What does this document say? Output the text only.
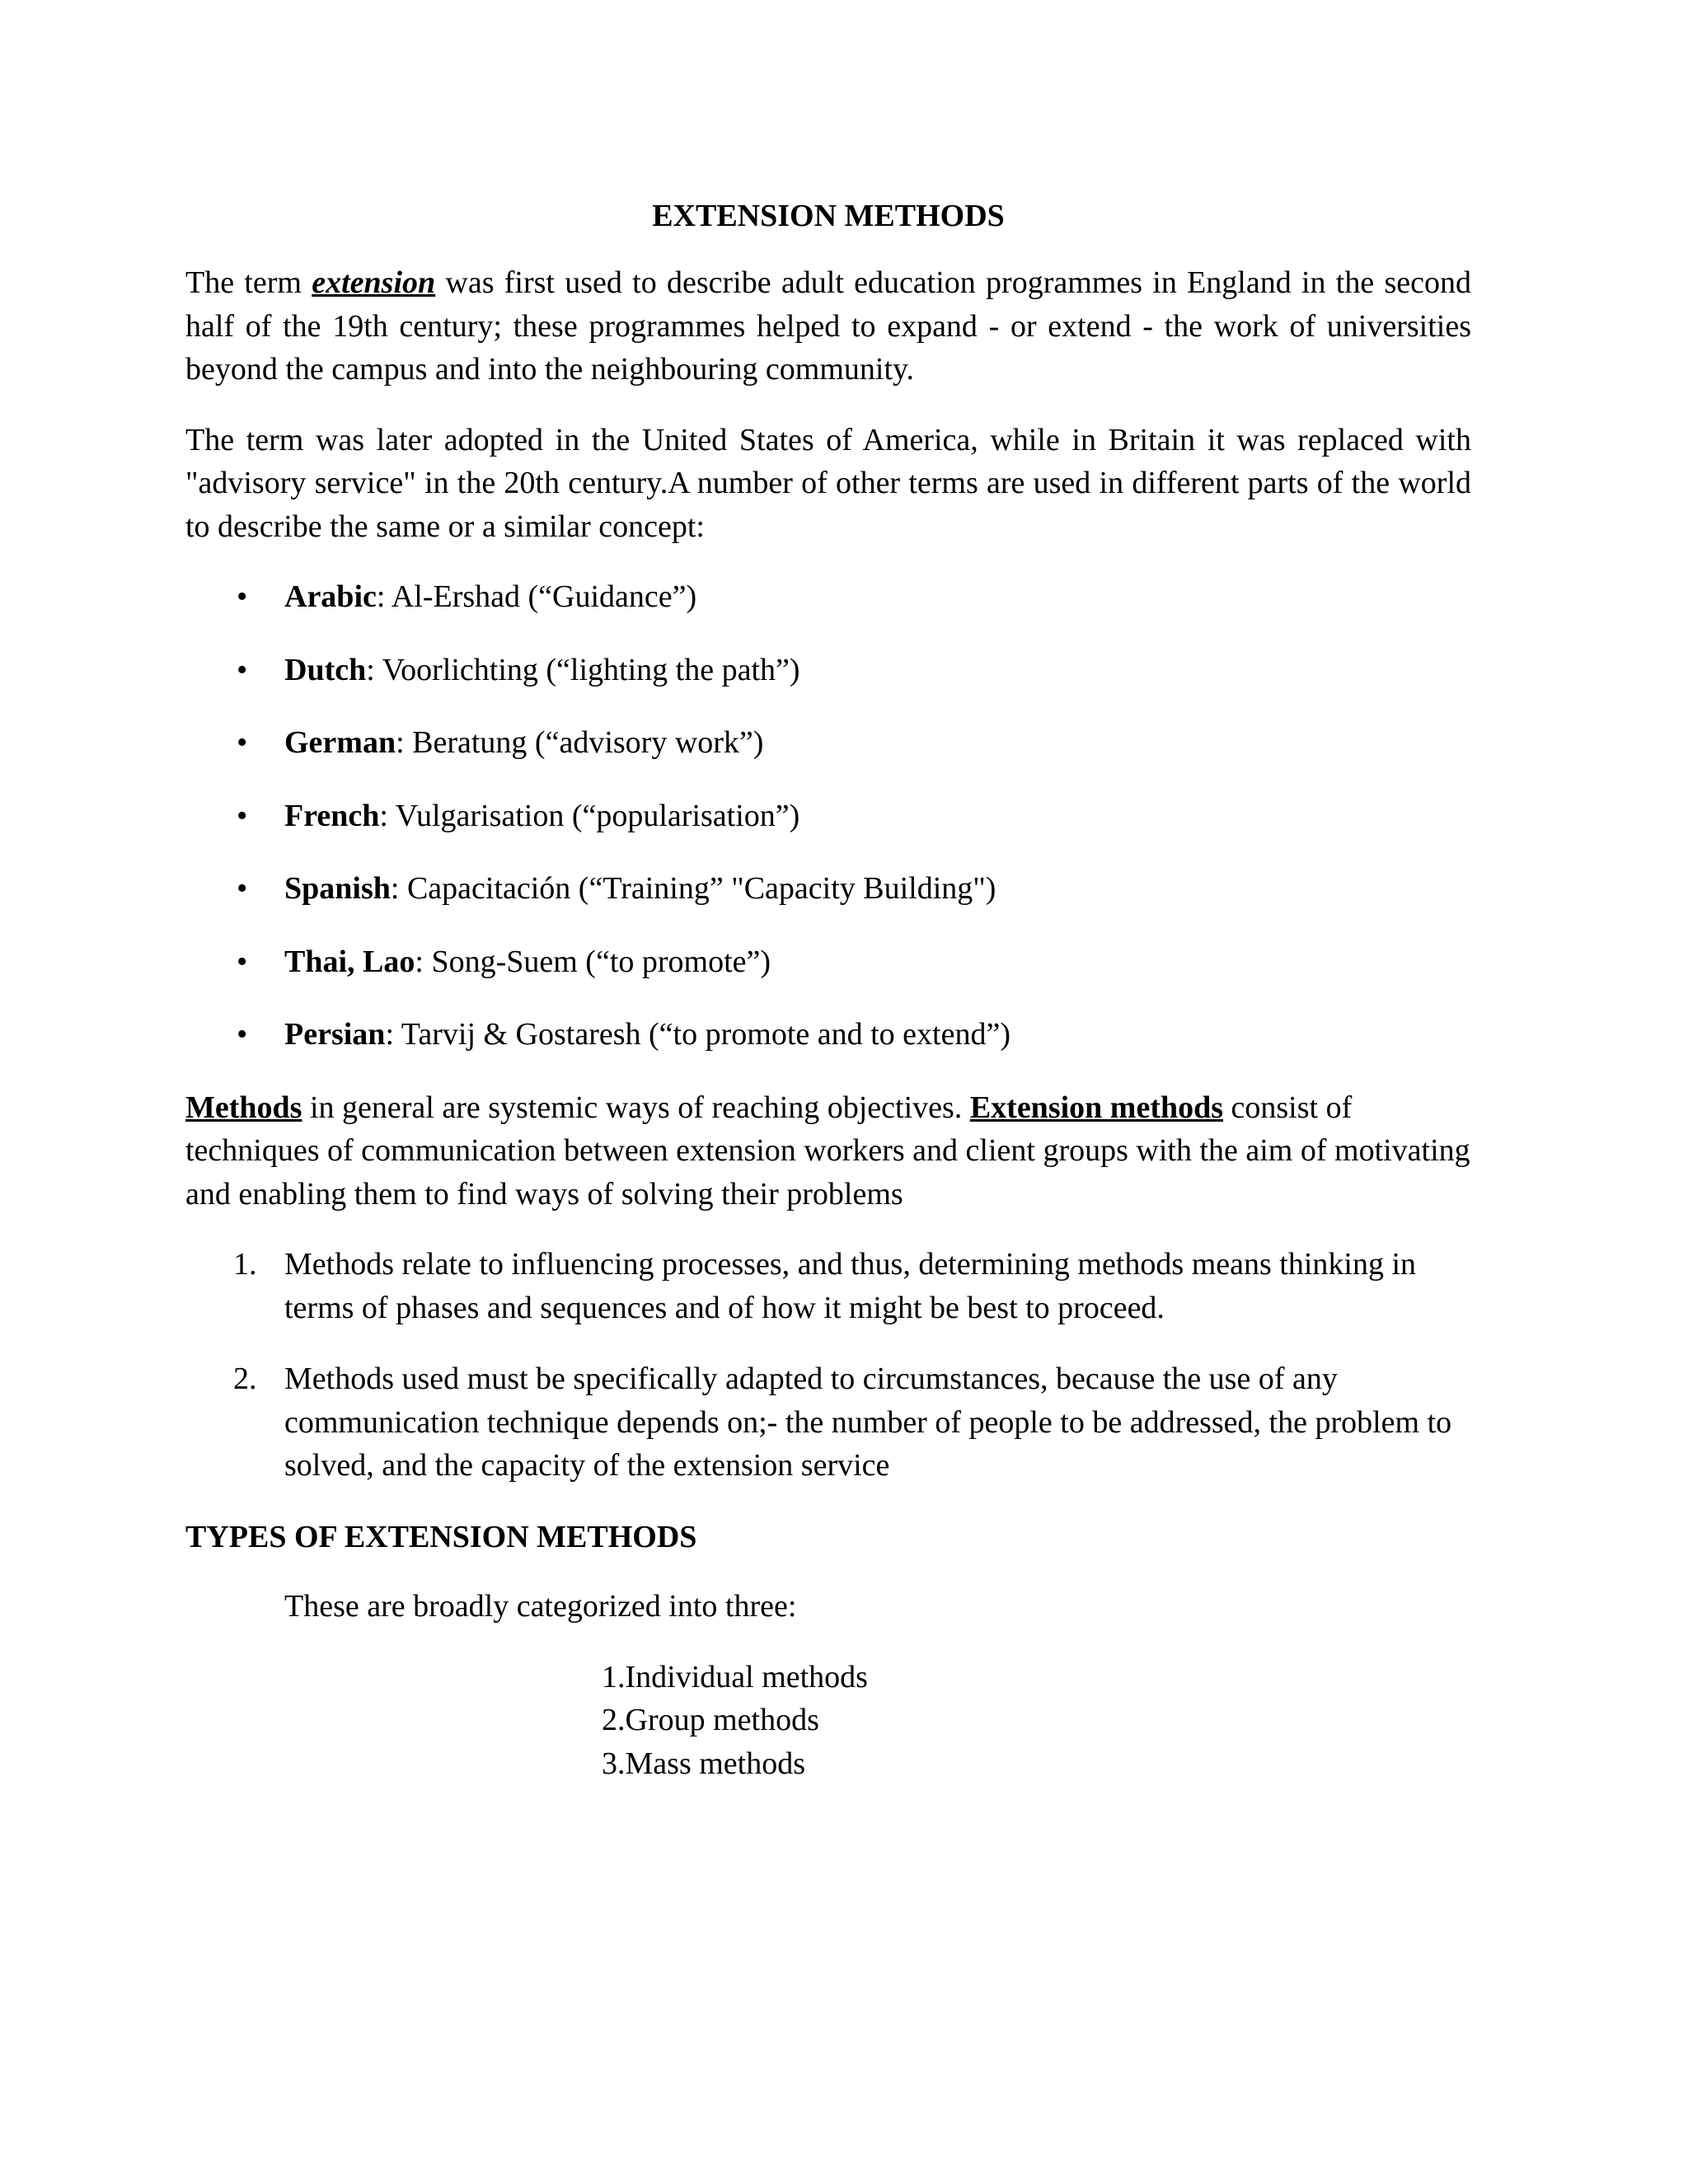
EXTENSION METHODS

The term extension was first used to describe adult education programmes in England in the second half of the 19th century; these programmes helped to expand - or extend - the work of universities beyond the campus and into the neighbouring community.

The term was later adopted in the United States of America, while in Britain it was replaced with "advisory service" in the 20th century.A number of other terms are used in different parts of the world to describe the same or a similar concept:

• Arabic: Al-Ershad (“Guidance”)
• Dutch: Voorlichting (“lighting the path”)
• German: Beratung (“advisory work”)
• French: Vulgarisation (“popularisation”)
• Spanish: Capacitación (“Training” "Capacity Building")
• Thai, Lao: Song-Suem (“to promote”)
• Persian: Tarvij & Gostaresh (“to promote and to extend”)

Methods in general are systemic ways of reaching objectives. Extension methods consist of techniques of communication between extension workers and client groups with the aim of motivating and enabling them to find ways of solving their problems

1. Methods relate to influencing processes, and thus, determining methods means thinking in terms of phases and sequences and of how it might be best to proceed.
2. Methods used must be specifically adapted to circumstances, because the use of any communication technique depends on;- the number of people to be addressed, the problem to solved, and the capacity of the extension service
TYPES OF EXTENSION METHODS
These are broadly categorized into three:
1.Individual methods
2.Group methods
3.Mass methods
